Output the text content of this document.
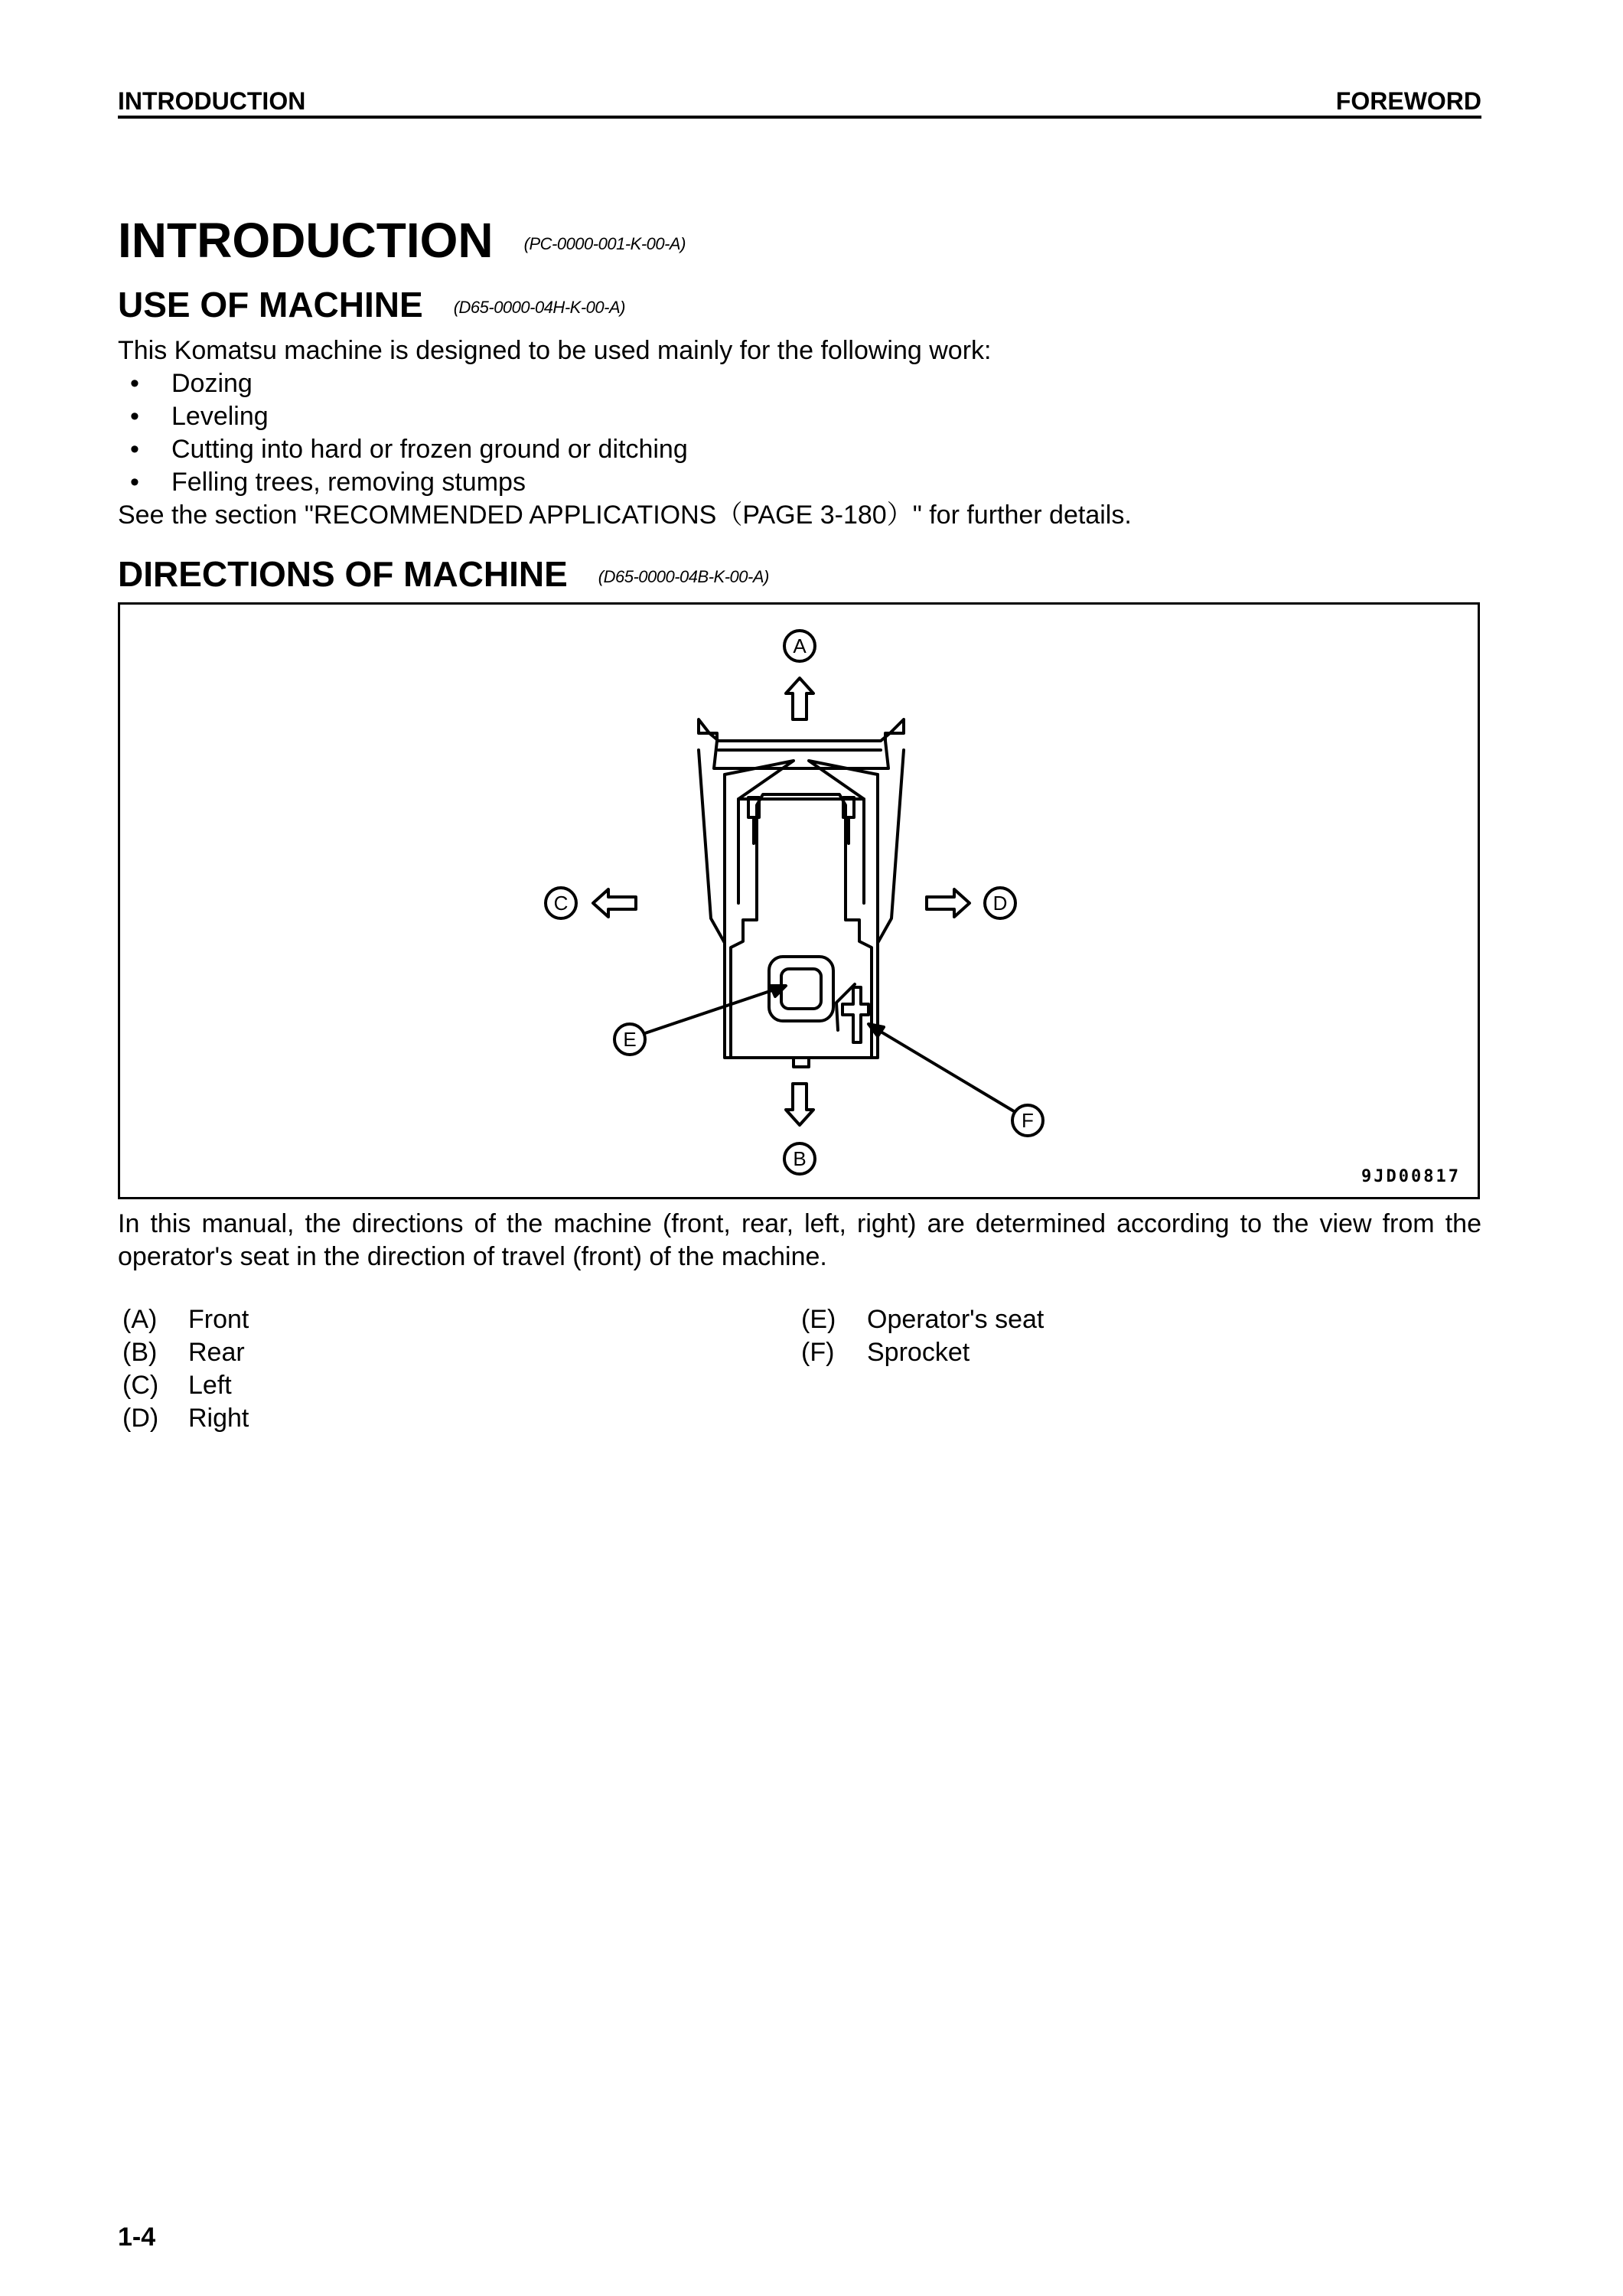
INTRODUCTION	FOREWORD
INTRODUCTION (PC-0000-001-K-00-A)
USE OF MACHINE (D65-0000-04H-K-00-A)
This Komatsu machine is designed to be used mainly for the following work:
• Dozing
• Leveling
• Cutting into hard or frozen ground or ditching
• Felling trees, removing stumps
See the section "RECOMMENDED APPLICATIONS（PAGE 3-180）" for further details.
DIRECTIONS OF MACHINE (D65-0000-04B-K-00-A)
A
C	D
E
F
B
9JD00817
In this manual, the directions of the machine (front, rear, left, right) are determined according to the view from the operator's seat in the direction of travel (front) of the machine.
(A) Front
(B) Rear
(C) Left
(D) Right
(E) Operator's seat
(F) Sprocket
1-4
